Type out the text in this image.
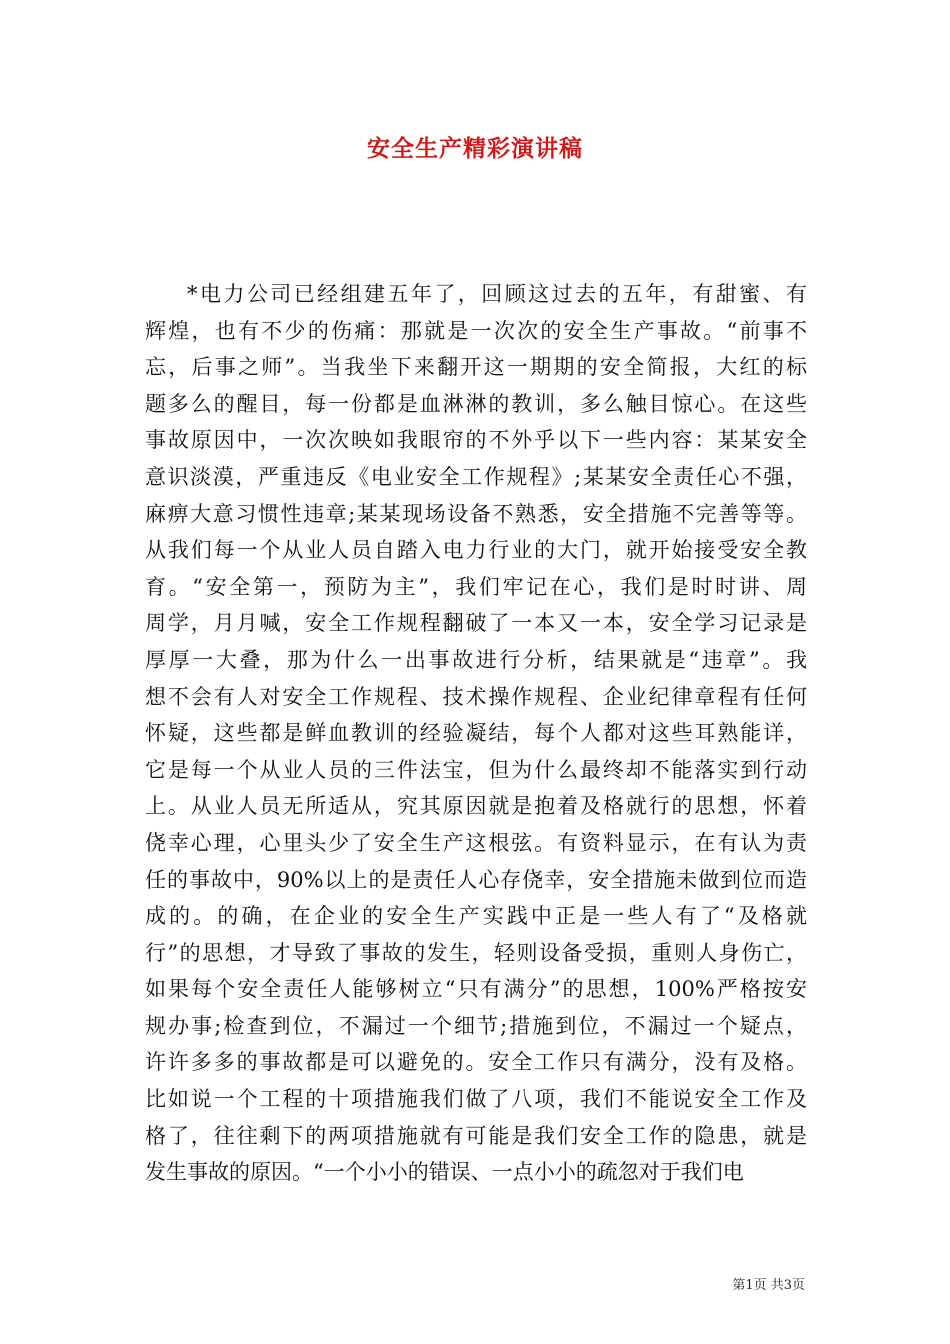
安全生产精彩演讲稿
*电力公司已经组建五年了，回顾这过去的五年，有甜蜜、有
辉煌，也有不少的伤痛：那就是一次次的安全生产事故。“前事不
忘，后事之师”。当我坐下来翻开这一期期的安全简报，大红的标
题多么的醒目，每一份都是血淋淋的教训，多么触目惊心。在这些
事故原因中，一次次映如我眼帘的不外乎以下一些内容：某某安全
意识淡漠，严重违反《电业安全工作规程》;某某安全责任心不强，
麻痹大意习惯性违章;某某现场设备不熟悉，安全措施不完善等等。
从我们每一个从业人员自踏入电力行业的大门，就开始接受安全教
育。“安全第一，预防为主”，我们牢记在心，我们是时时讲、周
周学，月月喊，安全工作规程翻破了一本又一本，安全学习记录是
厚厚一大叠，那为什么一出事故进行分析，结果就是“违章”。我
想不会有人对安全工作规程、技术操作规程、企业纪律章程有任何
怀疑，这些都是鲜血教训的经验凝结，每个人都对这些耳熟能详，
它是每一个从业人员的三件法宝，但为什么最终却不能落实到行动
上。从业人员无所适从，究其原因就是抱着及格就行的思想，怀着
侥幸心理，心里头少了安全生产这根弦。有资料显示，在有认为责
任的事故中，90%以上的是责任人心存侥幸，安全措施未做到位而造
成的。的确，在企业的安全生产实践中正是一些人有了“及格就
行”的思想，才导致了事故的发生，轻则设备受损，重则人身伤亡，
如果每个安全责任人能够树立“只有满分”的思想，100%严格按安
规办事;检查到位，不漏过一个细节;措施到位，不漏过一个疑点，
许许多多的事故都是可以避免的。安全工作只有满分，没有及格。
比如说一个工程的十项措施我们做了八项，我们不能说安全工作及
格了，往往剩下的两项措施就有可能是我们安全工作的隐患，就是
发生事故的原因。“一个小小的错误、一点小小的疏忽对于我们电
第1页 共3页
